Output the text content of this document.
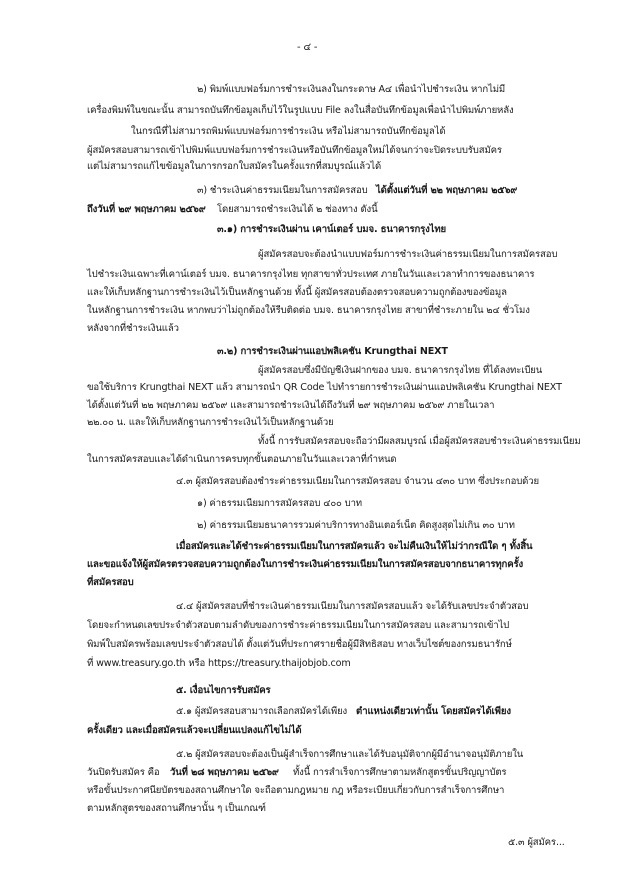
- ๔ -
๒) พิมพ์แบบฟอร์มการชำระเงินลงในกระดาษ A๔ เพื่อนำไปชำระเงิน หากไม่มี
เครื่องพิมพ์ในขณะนั้น สามารถบันทึกข้อมูลเก็บไว้ในรูปแบบ File ลงในสื่อบันทึกข้อมูลเพื่อนำไปพิมพ์ภายหลัง
ในกรณีที่ไม่สามารถพิมพ์แบบฟอร์มการชำระเงิน หรือไม่สามารถบันทึกข้อมูลได้
ผู้สมัครสอบสามารถเข้าไปพิมพ์แบบฟอร์มการชำระเงินหรือบันทึกข้อมูลใหม่ได้จนกว่าจะปิดระบบรับสมัคร
แต่ไม่สามารถแก้ไขข้อมูลในการกรอกใบสมัครในครั้งแรกที่สมบูรณ์แล้วได้
๓) ชำระเงินค่าธรรมเนียมในการสมัครสอบ ได้ตั้งแต่วันที่ ๒๒ พฤษภาคม ๒๕๖๙
ถึงวันที่ ๒๙ พฤษภาคม ๒๕๖๙ โดยสามารถชำระเงินได้ ๒ ช่องทาง ดังนี้
๓.๑) การชำระเงินผ่าน เคาน์เตอร์ บมจ. ธนาคารกรุงไทย
ผู้สมัครสอบจะต้องนำแบบฟอร์มการชำระเงินค่าธรรมเนียมในการสมัครสอบ
ไปชำระเงินเฉพาะที่เคาน์เตอร์ บมจ. ธนาคารกรุงไทย ทุกสาขาทั่วประเทศ ภายในวันและเวลาทำการของธนาคาร
และให้เก็บหลักฐานการชำระเงินไว้เป็นหลักฐานด้วย ทั้งนี้ ผู้สมัครสอบต้องตรวจสอบความถูกต้องของข้อมูล
ในหลักฐานการชำระเงิน หากพบว่าไม่ถูกต้องให้รีบติดต่อ บมจ. ธนาคารกรุงไทย สาขาที่ชำระภายใน ๒๔ ชั่วโมง
หลังจากที่ชำระเงินแล้ว
๓.๒) การชำระเงินผ่านแอปพลิเคชัน Krungthai NEXT
ผู้สมัครสอบซึ่งมีบัญชีเงินฝากของ บมจ. ธนาคารกรุงไทย ที่ได้ลงทะเบียน
ขอใช้บริการ Krungthai NEXT แล้ว สามารถนำ QR Code ไปทำรายการชำระเงินผ่านแอปพลิเคชัน Krungthai NEXT
ได้ตั้งแต่วันที่ ๒๒ พฤษภาคม ๒๕๖๙ และสามารถชำระเงินได้ถึงวันที่ ๒๙ พฤษภาคม ๒๕๖๙ ภายในเวลา
๒๒.๐๐ น. และให้เก็บหลักฐานการชำระเงินไว้เป็นหลักฐานด้วย
ทั้งนี้ การรับสมัครสอบจะถือว่ามีผลสมบูรณ์ เมื่อผู้สมัครสอบชำระเงินค่าธรรมเนียม
ในการสมัครสอบและได้ดำเนินการครบทุกขั้นตอนภายในวันและเวลาที่กำหนด
๔.๓ ผู้สมัครสอบต้องชำระค่าธรรมเนียมในการสมัครสอบ จำนวน ๔๓๐ บาท ซึ่งประกอบด้วย
๑) ค่าธรรมเนียมการสมัครสอบ ๔๐๐ บาท
๒) ค่าธรรมเนียมธนาคารรวมค่าบริการทางอินเตอร์เน็ต คิดสูงสุดไม่เกิน ๓๐ บาท
เมื่อสมัครและได้ชำระค่าธรรมเนียมในการสมัครแล้ว จะไม่คืนเงินให้ไม่ว่ากรณีใด ๆ ทั้งสิ้น
และขอแจ้งให้ผู้สมัครตรวจสอบความถูกต้องในการชำระเงินค่าธรรมเนียมในการสมัครสอบจากธนาคารทุกครั้ง
ที่สมัครสอบ
๔.๔ ผู้สมัครสอบที่ชำระเงินค่าธรรมเนียมในการสมัครสอบแล้ว จะได้รับเลขประจำตัวสอบ
โดยจะกำหนดเลขประจำตัวสอบตามลำดับของการชำระค่าธรรมเนียมในการสมัครสอบ และสามารถเข้าไป
พิมพ์ใบสมัครพร้อมเลขประจำตัวสอบได้ ตั้งแต่วันที่ประกาศรายชื่อผู้มีสิทธิสอบ ทางเว็บไซต์ของกรมธนารักษ์
ที่ www.treasury.go.th หรือ https://treasury.thaijobjob.com
๕. เงื่อนไขการรับสมัคร
๕.๑ ผู้สมัครสอบสามารถเลือกสมัครได้เพียง ตำแหน่งเดียวเท่านั้น โดยสมัครได้เพียง
ครั้งเดียว และเมื่อสมัครแล้วจะเปลี่ยนแปลงแก้ไขไม่ได้
๕.๒ ผู้สมัครสอบจะต้องเป็นผู้สำเร็จการศึกษาและได้รับอนุมัติจากผู้มีอำนาจอนุมัติภายใน
วันปิดรับสมัคร คือ วันที่ ๒๘ พฤษภาคม ๒๕๖๙ ทั้งนี้ การสำเร็จการศึกษาตามหลักสูตรขั้นปริญญาบัตร
หรือขั้นประกาศนียบัตรของสถานศึกษาใด จะถือตามกฎหมาย กฎ หรือระเบียบเกี่ยวกับการสำเร็จการศึกษา
ตามหลักสูตรของสถานศึกษานั้น ๆ เป็นเกณฑ์
๕.๓ ผู้สมัคร...
